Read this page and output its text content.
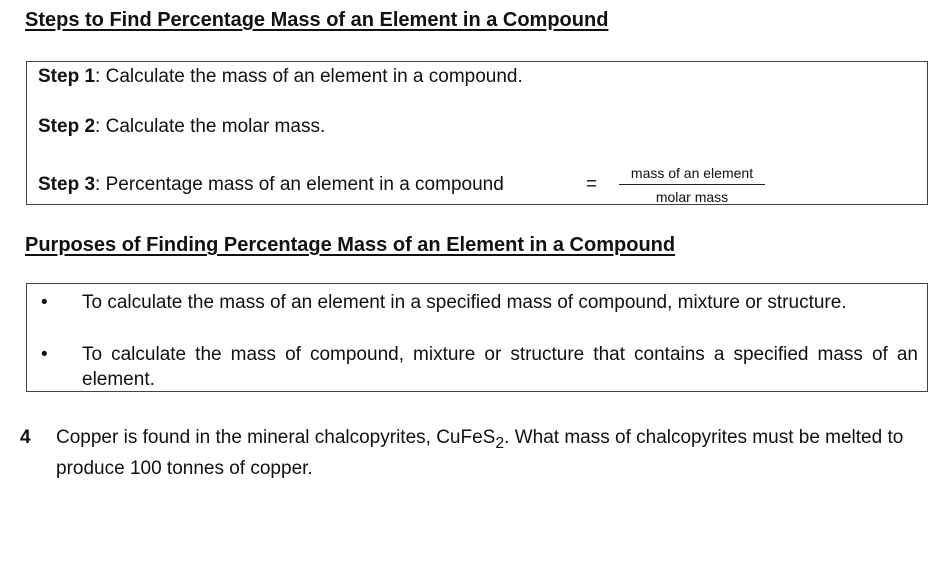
Steps to Find Percentage Mass of an Element in a Compound
Step 1: Calculate the mass of an element in a compound.
Step 2: Calculate the molar mass.
Step 3: Percentage mass of an element in a compound	=
mass of an element
molar mass
Purposes of Finding Percentage Mass of an Element in a Compound
• To calculate the mass of an element in a specified mass of compound, mixture or structure.
• To calculate the mass of compound, mixture or structure that contains a specified mass of an element.
4 Copper is found in the mineral chalcopyrites, CuFeS$_2$. What mass of chalcopyrites must be melted to produce 100 tonnes of copper.
